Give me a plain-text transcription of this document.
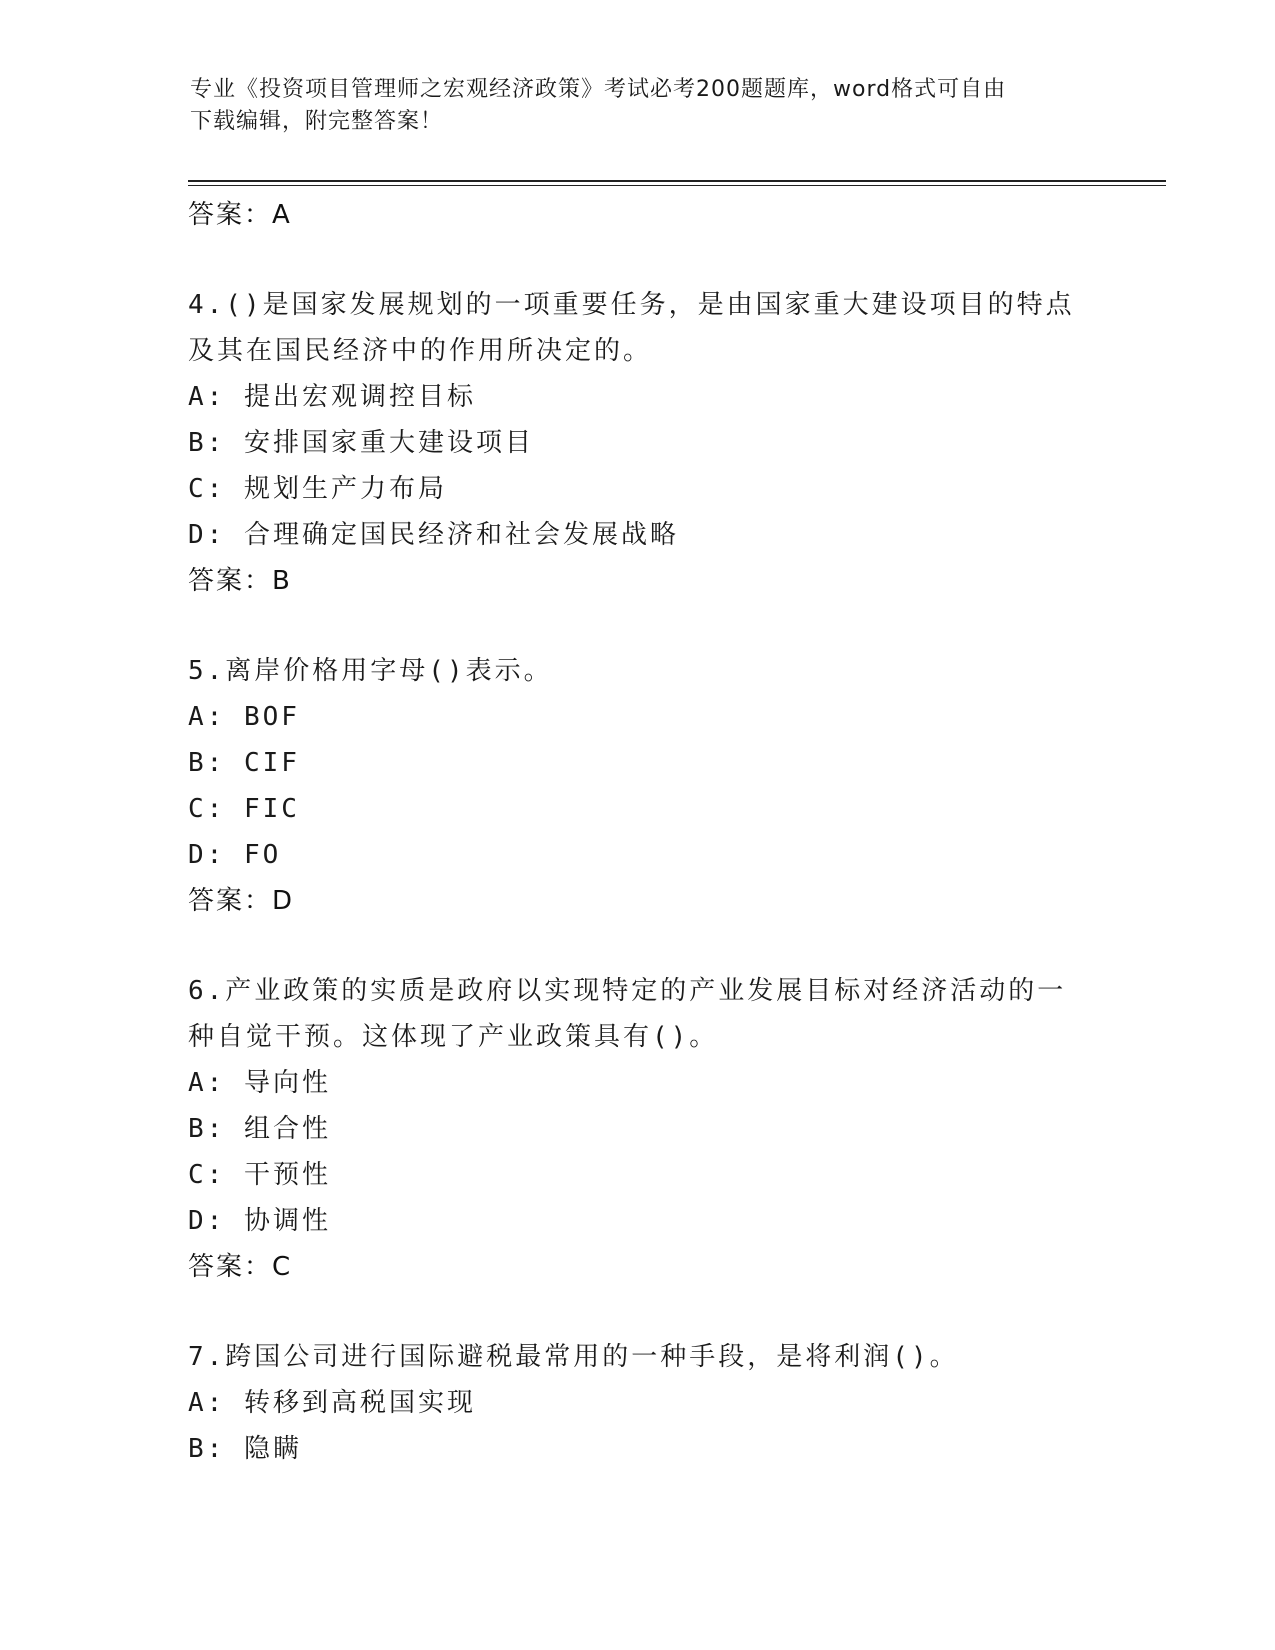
专业《投资项目管理师之宏观经济政策》考试必考200题题库，word格式可自由
下载编辑，附完整答案！
答案：A
4.()是国家发展规划的一项重要任务，是由国家重大建设项目的特点
及其在国民经济中的作用所决定的。
A: 提出宏观调控目标
B: 安排国家重大建设项目
C: 规划生产力布局
D: 合理确定国民经济和社会发展战略
答案：B
5.离岸价格用字母()表示。
A: BOF
B: CIF
C: FIC
D: FO
答案：D
6.产业政策的实质是政府以实现特定的产业发展目标对经济活动的一
种自觉干预。这体现了产业政策具有()。
A: 导向性
B: 组合性
C: 干预性
D: 协调性
答案：C
7.跨国公司进行国际避税最常用的一种手段，是将利润()。
A: 转移到高税国实现
B: 隐瞒
